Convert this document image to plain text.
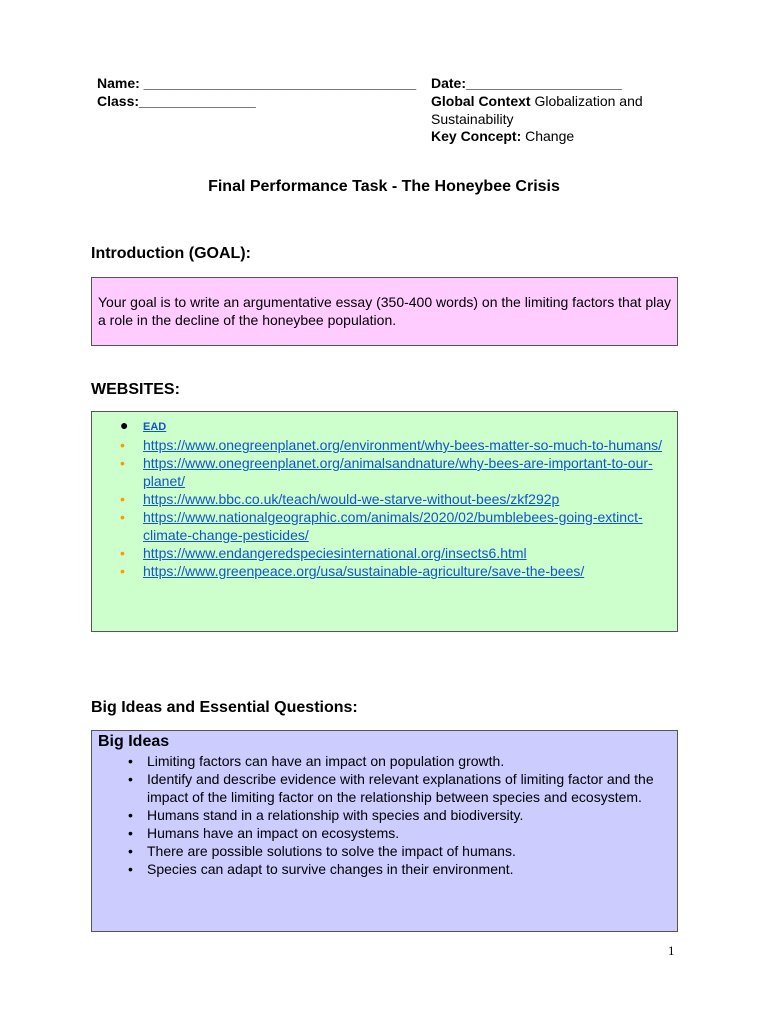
Name: ___________________________________
Class:_______________
Date:____________________
Global Context Globalization and Sustainability
Key Concept: Change
Final Performance Task - The Honeybee Crisis
Introduction (GOAL):
Your goal is to write an argumentative essay (350-400 words) on the limiting factors that play a role in the decline of the honeybee population.
WEBSITES:
● EAD
• https://www.onegreenplanet.org/environment/why-bees-matter-so-much-to-humans/
• https://www.onegreenplanet.org/animalsandnature/why-bees-are-important-to-our-planet/
• https://www.bbc.co.uk/teach/would-we-starve-without-bees/zkf292p
• https://www.nationalgeographic.com/animals/2020/02/bumblebees-going-extinct-climate-change-pesticides/
• https://www.endangeredspeciesinternational.org/insects6.html
• https://www.greenpeace.org/usa/sustainable-agriculture/save-the-bees/
Big Ideas and Essential Questions:
Big Ideas
• Limiting factors can have an impact on population growth.
• Identify and describe evidence with relevant explanations of limiting factor and the impact of the limiting factor on the relationship between species and ecosystem.
• Humans stand in a relationship with species and biodiversity.
• Humans have an impact on ecosystems.
• There are possible solutions to solve the impact of humans.
• Species can adapt to survive changes in their environment.
1
